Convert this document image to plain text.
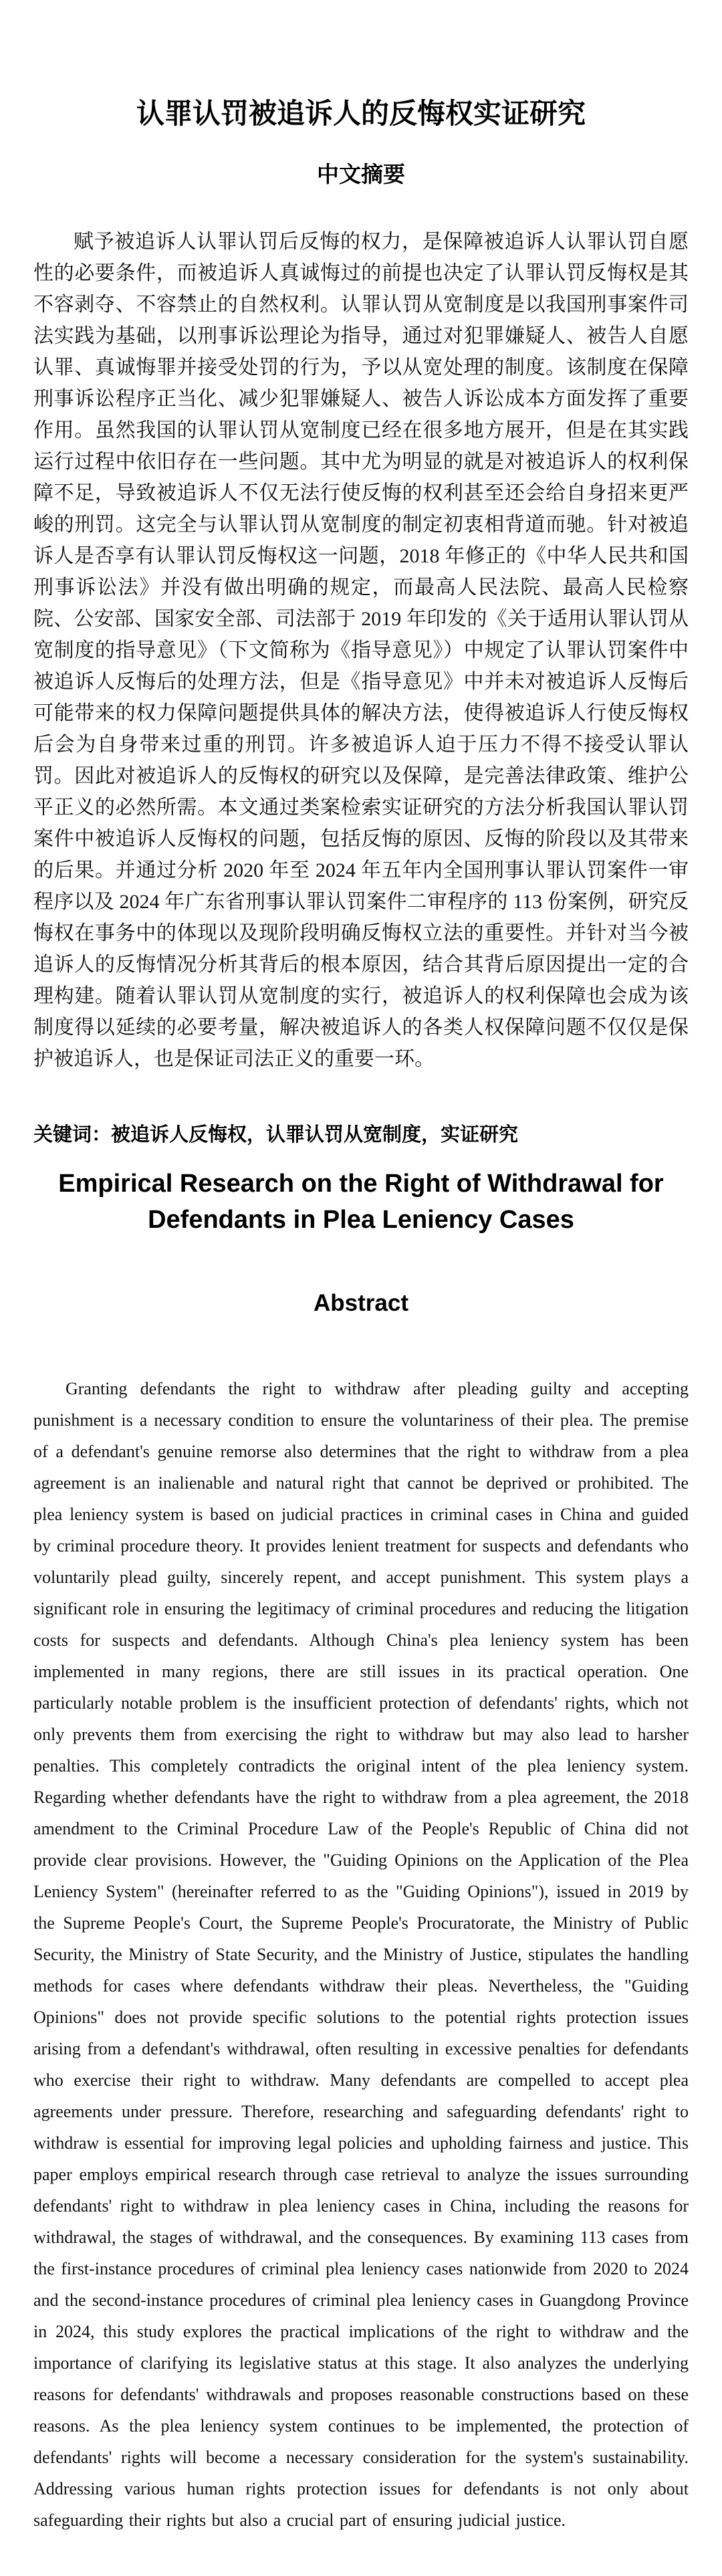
认罪认罚被追诉人的反悔权实证研究
中文摘要

赋予被追诉人认罪认罚后反悔的权力，是保障被追诉人认罪认罚自愿性的必要条件，而被追诉人真诚悔过的前提也决定了认罪认罚反悔权是其不容剥夺、不容禁止的自然权利。认罪认罚从宽制度是以我国刑事案件司法实践为基础，以刑事诉讼理论为指导，通过对犯罪嫌疑人、被告人自愿认罪、真诚悔罪并接受处罚的行为，予以从宽处理的制度。该制度在保障刑事诉讼程序正当化、减少犯罪嫌疑人、被告人诉讼成本方面发挥了重要作用。虽然我国的认罪认罚从宽制度已经在很多地方展开，但是在其实践运行过程中依旧存在一些问题。其中尤为明显的就是对被追诉人的权利保障不足，导致被追诉人不仅无法行使反悔的权利甚至还会给自身招来更严峻的刑罚。这完全与认罪认罚从宽制度的制定初衷相背道而驰。针对被追诉人是否享有认罪认罚反悔权这一问题，2018 年修正的《中华人民共和国刑事诉讼法》并没有做出明确的规定，而最高人民法院、最高人民检察院、公安部、国家安全部、司法部于 2019 年印发的《关于适用认罪认罚从宽制度的指导意见》（下文简称为《指导意见》）中规定了认罪认罚案件中被追诉人反悔后的处理方法，但是《指导意见》中并未对被追诉人反悔后可能带来的权力保障问题提供具体的解决方法，使得被追诉人行使反悔权后会为自身带来过重的刑罚。许多被追诉人迫于压力不得不接受认罪认罚。因此对被追诉人的反悔权的研究以及保障，是完善法律政策、维护公平正义的必然所需。本文通过类案检索实证研究的方法分析我国认罪认罚案件中被追诉人反悔权的问题，包括反悔的原因、反悔的阶段以及其带来的后果。并通过分析 2020 年至 2024 年五年内全国刑事认罪认罚案件一审程序以及 2024 年广东省刑事认罪认罚案件二审程序的 113 份案例，研究反悔权在事务中的体现以及现阶段明确反悔权立法的重要性。并针对当今被追诉人的反悔情况分析其背后的根本原因，结合其背后原因提出一定的合理构建。随着认罪认罚从宽制度的实行，被追诉人的权利保障也会成为该制度得以延续的必要考量，解决被追诉人的各类人权保障问题不仅仅是保护被追诉人，也是保证司法正义的重要一环。

关键词：被追诉人反悔权，认罪认罚从宽制度，实证研究

Empirical Research on the Right of Withdrawal for Defendants in Plea Leniency Cases
Abstract

Granting defendants the right to withdraw after pleading guilty and accepting punishment is a necessary condition to ensure the voluntariness of their plea. The premise of a defendant's genuine remorse also determines that the right to withdraw from a plea agreement is an inalienable and natural right that cannot be deprived or prohibited. The plea leniency system is based on judicial practices in criminal cases in China and guided by criminal procedure theory. It provides lenient treatment for suspects and defendants who voluntarily plead guilty, sincerely repent, and accept punishment. This system plays a significant role in ensuring the legitimacy of criminal procedures and reducing the litigation costs for suspects and defendants. Although China's plea leniency system has been implemented in many regions, there are still issues in its practical operation. One particularly notable problem is the insufficient protection of defendants' rights, which not only prevents them from exercising the right to withdraw but may also lead to harsher penalties. This completely contradicts the original intent of the plea leniency system. Regarding whether defendants have the right to withdraw from a plea agreement, the 2018 amendment to the Criminal Procedure Law of the People's Republic of China did not provide clear provisions. However, the "Guiding Opinions on the Application of the Plea Leniency System" (hereinafter referred to as the "Guiding Opinions"), issued in 2019 by the Supreme People's Court, the Supreme People's Procuratorate, the Ministry of Public Security, the Ministry of State Security, and the Ministry of Justice, stipulates the handling methods for cases where defendants withdraw their pleas. Nevertheless, the "Guiding Opinions" does not provide specific solutions to the potential rights protection issues arising from a defendant's withdrawal, often resulting in excessive penalties for defendants who exercise their right to withdraw. Many defendants are compelled to accept plea agreements under pressure. Therefore, researching and safeguarding defendants' right to withdraw is essential for improving legal policies and upholding fairness and justice. This paper employs empirical research through case retrieval to analyze the issues surrounding defendants' right to withdraw in plea leniency cases in China, including the reasons for withdrawal, the stages of withdrawal, and the consequences. By examining 113 cases from the first-instance procedures of criminal plea leniency cases nationwide from 2020 to 2024 and the second-instance procedures of criminal plea leniency cases in Guangdong Province in 2024, this study explores the practical implications of the right to withdraw and the importance of clarifying its legislative status at this stage. It also analyzes the underlying reasons for defendants' withdrawals and proposes reasonable constructions based on these reasons. As the plea leniency system continues to be implemented, the protection of defendants' rights will become a necessary consideration for the system's sustainability. Addressing various human rights protection issues for defendants is not only about safeguarding their rights but also a crucial part of ensuring judicial justice.
